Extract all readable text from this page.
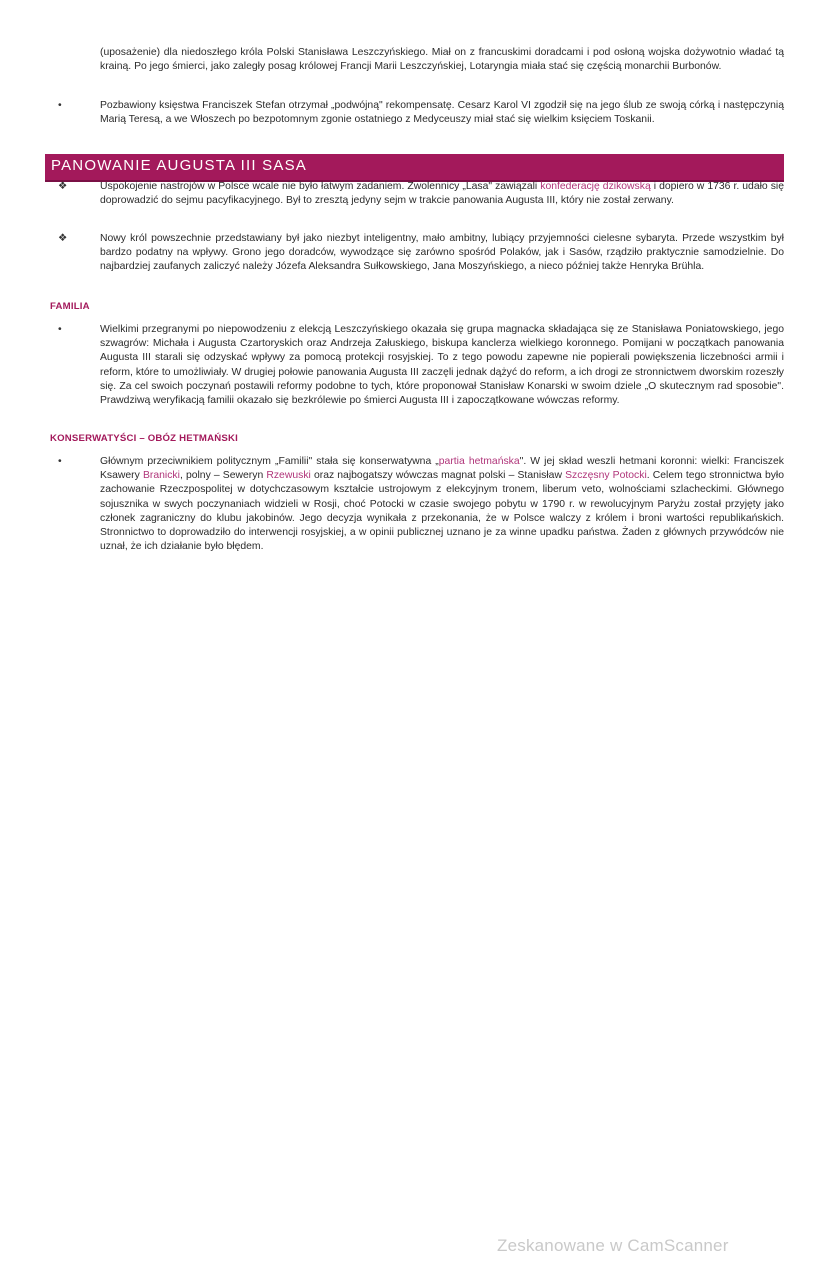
(uposażenie) dla niedoszłego króla Polski Stanisława Leszczyńskiego. Miał on z francuskimi doradcami i pod osłoną wojska dożywotnio władać tą krainą. Po jego śmierci, jako zaległy posag królowej Francji Marii Leszczyńskiej, Lotaryngia miała stać się częścią monarchii Burbonów.
•	Pozbawiony księstwa Franciszek Stefan otrzymał „podwójną" rekompensatę. Cesarz Karol VI zgodził się na jego ślub ze swoją córką i następczynią Marią Teresą, a we Włoszech po bezpotomnym zgonie ostatniego z Medyceuszy miał stać się wielkim księciem Toskanii.
PANOWANIE AUGUSTA III SASA
❖	Uspokojenie nastrojów w Polsce wcale nie było łatwym zadaniem. Zwolennicy „Lasa" zawiązali konfederację dzikowską i dopiero w 1736 r. udało się doprowadzić do sejmu pacyfikacyjnego. Był to zresztą jedyny sejm w trakcie panowania Augusta III, który nie został zerwany.
❖	Nowy król powszechnie przedstawiany był jako niezbyt inteligentny, mało ambitny, lubiący przyjemności cielesne sybaryta. Przede wszystkim był bardzo podatny na wpływy. Grono jego doradców, wywodzące się zarówno spośród Polaków, jak i Sasów, rządziło praktycznie samodzielnie. Do najbardziej zaufanych zaliczyć należy Józefa Aleksandra Sułkowskiego, Jana Moszyńskiego, a nieco później także Henryka Brühla.
FAMILIA
•	Wielkimi przegranymi po niepowodzeniu z elekcją Leszczyńskiego okazała się grupa magnacka składająca się ze Stanisława Poniatowskiego, jego szwagrów: Michała i Augusta Czartoryskich oraz Andrzeja Załuskiego, biskupa kanclerza wielkiego koronnego. Pomijani w początkach panowania Augusta III starali się odzyskać wpływy za pomocą protekcji rosyjskiej. To z tego powodu zapewne nie popierali powiększenia liczebności armii i reform, które to umożliwiały. W drugiej połowie panowania Augusta III zaczęli jednak dążyć do reform, a ich drogi ze stronnictwem dworskim rozeszły się. Za cel swoich poczynań postawili reformy podobne to tych, które proponował Stanisław Konarski w swoim dziele „O skutecznym rad sposobie". Prawdziwą weryfikacją familii okazało się bezkrólewie po śmierci Augusta III i zapoczątkowane wówczas reformy.
KONSERWATYŚCI – OBÓZ HETMAŃSKI
•	Głównym przeciwnikiem politycznym „Familii" stała się konserwatywna „partia hetmańska". W jej skład weszli hetmani koronni: wielki: Franciszek Ksawery Branicki, polny – Seweryn Rzewuski oraz najbogatszy wówczas magnat polski – Stanisław Szczęsny Potocki. Celem tego stronnictwa było zachowanie Rzeczpospolitej w dotychczasowym kształcie ustrojowym z elekcyjnym tronem, liberum veto, wolnościami szlacheckimi. Głównego sojusznika w swych poczynaniach widzieli w Rosji, choć Potocki w czasie swojego pobytu w 1790 r. w rewolucyjnym Paryżu został przyjęty jako członek zagraniczny do klubu jakobinów. Jego decyzja wynikała z przekonania, że w Polsce walczy z królem i broni wartości republikańskich. Stronnictwo to doprowadziło do interwencji rosyjskiej, a w opinii publicznej uznano je za winne upadku państwa. Żaden z głównych przywódców nie uznał, że ich działanie było błędem.
Zeskanowane w CamScanner
